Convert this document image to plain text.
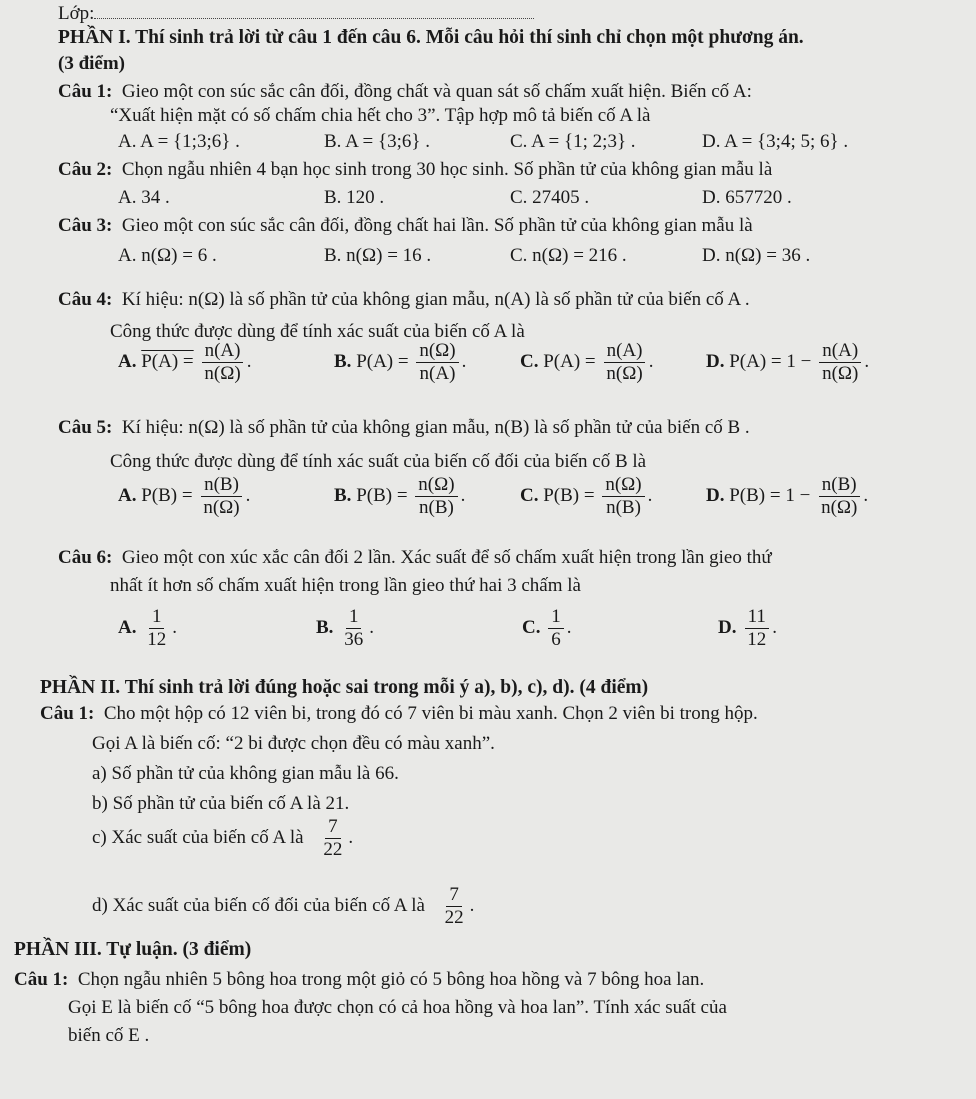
Lớp:
PHẦN I. Thí sinh trả lời từ câu 1 đến câu 6. Mỗi câu hỏi thí sinh chỉ chọn một phương án.
(3 điểm)
Câu 1: Gieo một con súc sắc cân đối, đồng chất và quan sát số chấm xuất hiện. Biến cố A:
“Xuất hiện mặt có số chấm chia hết cho 3”. Tập hợp mô tả biến cố A là
A. A = {1;3;6} .	B. A = {3;6} .	C. A = {1; 2;3} .	D. A = {3;4; 5; 6} .
Câu 2: Chọn ngẫu nhiên 4 bạn học sinh trong 30 học sinh. Số phần tử của không gian mẫu là
A. 34 .	B. 120 .	C. 27405 .	D. 657720 .
Câu 3: Gieo một con súc sắc cân đối, đồng chất hai lần. Số phần tử của không gian mẫu là
A. n(Ω) = 6 .	B. n(Ω) = 16 .	C. n(Ω) = 216 .	D. n(Ω) = 36 .
Câu 4: Kí hiệu: n(Ω) là số phần tử của không gian mẫu, n(A) là số phần tử của biến cố A .
Công thức được dùng để tính xác suất của biến cố A là
A. $P(A) = \frac{n(A)}{n(\Omega)}$ .	B. $P(A) = \frac{n(\Omega)}{n(A)}$ .	C. $P(A) = \frac{n(A)}{n(\Omega)}$ .	D. $P(A) = 1 - \frac{n(A)}{n(\Omega)}$ .
Câu 5: Kí hiệu: n(Ω) là số phần tử của không gian mẫu, n(B) là số phần tử của biến cố B .
Công thức được dùng để tính xác suất của biến cố đối của biến cố B là
A. $P(B) = \frac{n(B)}{n(\Omega)}$ .	B. $P(B) = \frac{n(\Omega)}{n(B)}$ .	C. $P(B) = \frac{n(\Omega)}{n(B)}$ .	D. $P(B) = 1 - \frac{n(B)}{n(\Omega)}$ .
Câu 6: Gieo một con xúc xắc cân đối 2 lần. Xác suất để số chấm xuất hiện trong lần gieo thứ
nhất ít hơn số chấm xuất hiện trong lần gieo thứ hai 3 chấm là
A. $\frac{1}{12}$ .	B. $\frac{1}{36}$ .	C. $\frac{1}{6}$ .	D. $\frac{11}{12}$ .
PHẦN II. Thí sinh trả lời đúng hoặc sai trong mỗi ý a), b), c), d). (4 điểm)
Câu 1: Cho một hộp có 12 viên bi, trong đó có 7 viên bi màu xanh. Chọn 2 viên bi trong hộp.
Gọi A là biến cố: “2 bi được chọn đều có màu xanh”.
a) Số phần tử của không gian mẫu là 66.
b) Số phần tử của biến cố A là 21.
c) Xác suất của biến cố A là $\frac{7}{22}$ .
d) Xác suất của biến cố đối của biến cố A là $\frac{7}{22}$ .
PHẦN III. Tự luận. (3 điểm)
Câu 1: Chọn ngẫu nhiên 5 bông hoa trong một giỏ có 5 bông hoa hồng và 7 bông hoa lan.
Gọi E là biến cố “5 bông hoa được chọn có cả hoa hồng và hoa lan”. Tính xác suất của
biến cố E .
